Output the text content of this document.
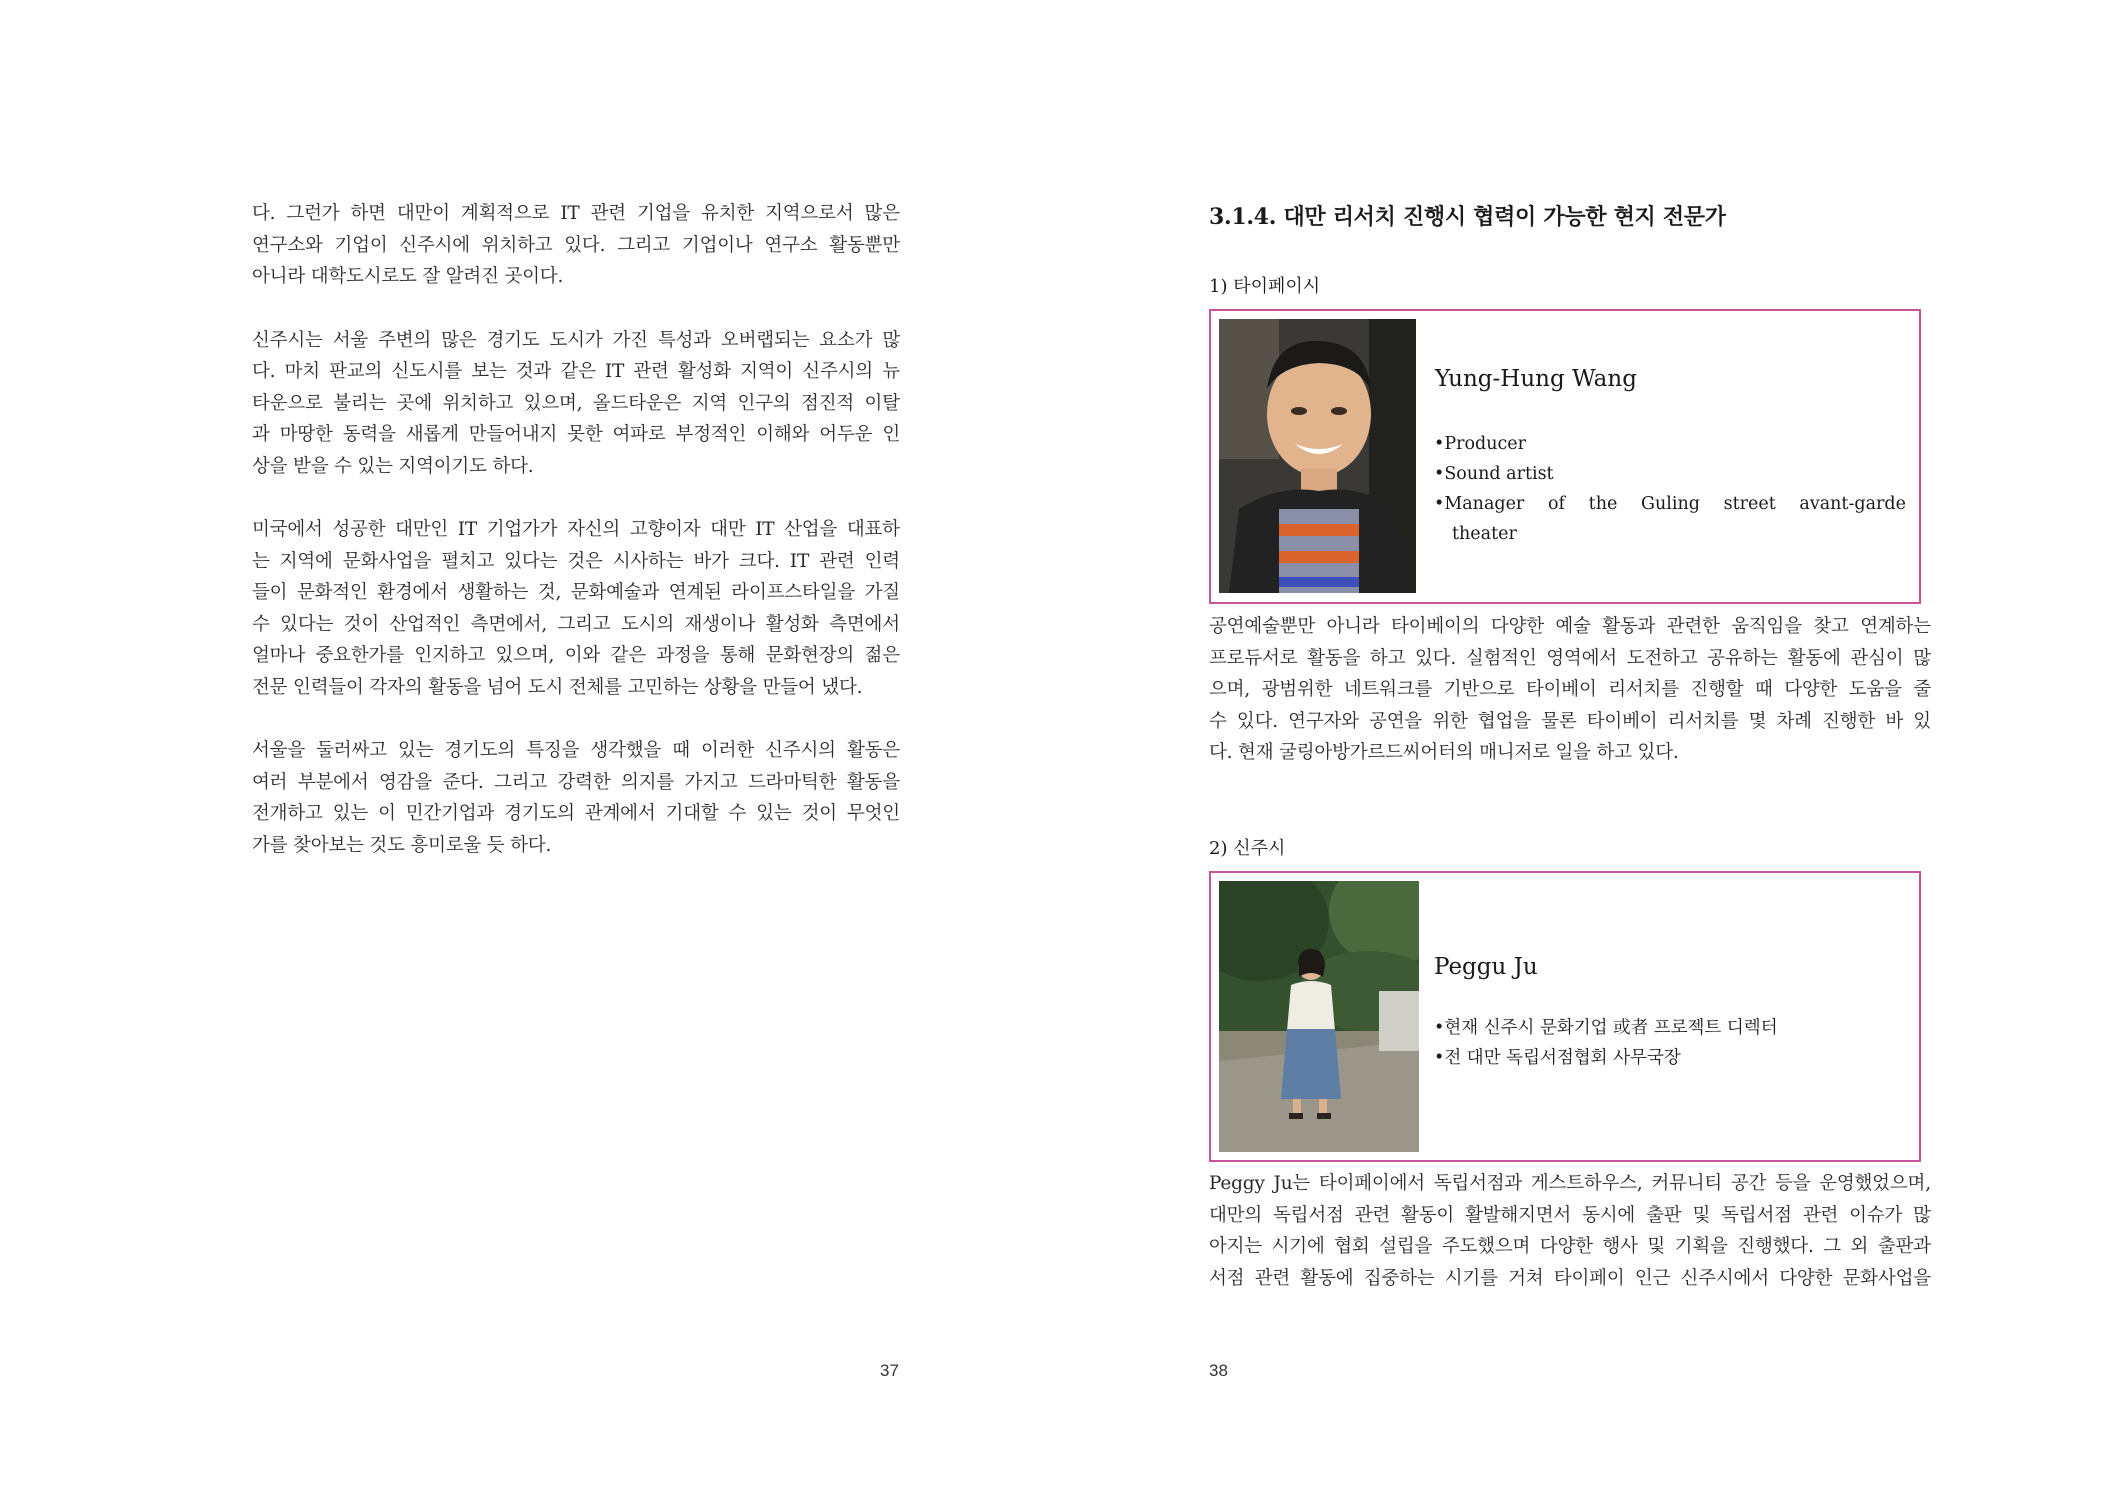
다. 그런가 하면 대만이 계획적으로 IT 관련 기업을 유치한 지역으로서 많은
연구소와 기업이 신주시에 위치하고 있다. 그리고 기업이나 연구소 활동뿐만
아니라 대학도시로도 잘 알려진 곳이다.

신주시는 서울 주변의 많은 경기도 도시가 가진 특성과 오버랩되는 요소가 많
다. 마치 판교의 신도시를 보는 것과 같은 IT 관련 활성화 지역이 신주시의 뉴
타운으로 불리는 곳에 위치하고 있으며, 올드타운은 지역 인구의 점진적 이탈
과 마땅한 동력을 새롭게 만들어내지 못한 여파로 부정적인 이해와 어두운 인
상을 받을 수 있는 지역이기도 하다.

미국에서 성공한 대만인 IT 기업가가 자신의 고향이자 대만 IT 산업을 대표하
는 지역에 문화사업을 펼치고 있다는 것은 시사하는 바가 크다. IT 관련 인력
들이 문화적인 환경에서 생활하는 것, 문화예술과 연계된 라이프스타일을 가질
수 있다는 것이 산업적인 측면에서, 그리고 도시의 재생이나 활성화 측면에서
얼마나 중요한가를 인지하고 있으며, 이와 같은 과정을 통해 문화현장의 젊은
전문 인력들이 각자의 활동을 넘어 도시 전체를 고민하는 상황을 만들어 냈다.

서울을 둘러싸고 있는 경기도의 특징을 생각했을 때 이러한 신주시의 활동은
여러 부분에서 영감을 준다. 그리고 강력한 의지를 가지고 드라마틱한 활동을
전개하고 있는 이 민간기업과 경기도의 관계에서 기대할 수 있는 것이 무엇인
가를 찾아보는 것도 흥미로울 듯 하다.

37
3.1.4. 대만 리서치 진행시 협력이 가능한 현지 전문가
1) 타이페이시
Yung-Hung Wang
•Producer
•Sound artist
•Manager of the Guling street avant-garde
theater
공연예술뿐만 아니라 타이베이의 다양한 예술 활동과 관련한 움직임을 찾고 연계하는
프로듀서로 활동을 하고 있다. 실험적인 영역에서 도전하고 공유하는 활동에 관심이 많
으며, 광범위한 네트워크를 기반으로 타이베이 리서치를 진행할 때 다양한 도움을 줄
수 있다. 연구자와 공연을 위한 협업을 물론 타이베이 리서치를 몇 차례 진행한 바 있
다. 현재 굴링아방가르드씨어터의 매니저로 일을 하고 있다.
2) 신주시
Peggu Ju
•현재 신주시 문화기업 或者 프로젝트 디렉터
•전 대만 독립서점협회 사무국장
Peggy Ju는 타이페이에서 독립서점과 게스트하우스, 커뮤니티 공간 등을 운영했었으며,
대만의 독립서점 관련 활동이 활발해지면서 동시에 출판 및 독립서점 관련 이슈가 많
아지는 시기에 협회 설립을 주도했으며 다양한 행사 및 기획을 진행했다. 그 외 출판과
서점 관련 활동에 집중하는 시기를 거쳐 타이페이 인근 신주시에서 다양한 문화사업을
38
